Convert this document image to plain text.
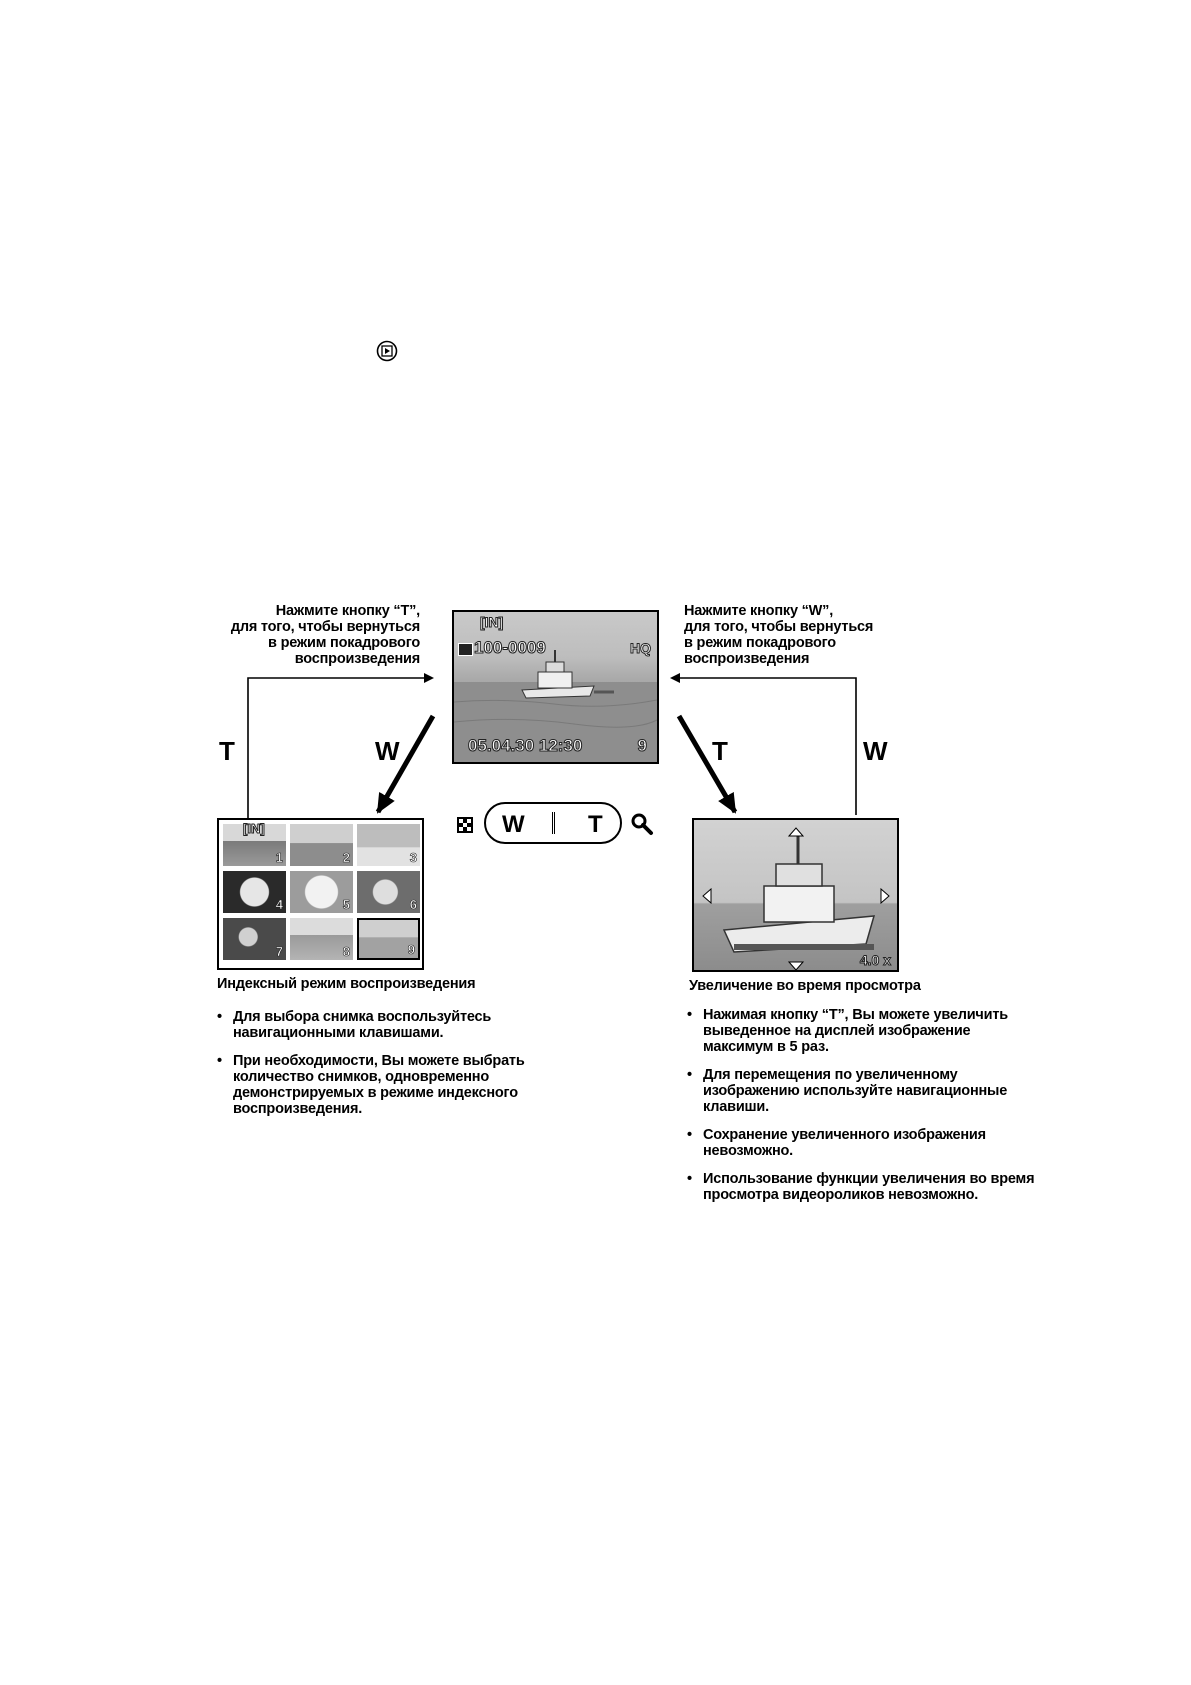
Нажмите кнопку “T”,
для того, чтобы вернуться
в режим покадрового
воспроизведения
Нажмите кнопку “W”,
для того, чтобы вернуться
в режим покадрового
воспроизведения
T	W	T	W
[IN]
100-0009	HQ
05.04.30 12:30	9
W	T
[IN]
1	2	3
4	5	6
7	8	9
4.0 x
Индексный режим воспроизведения
• Для выбора снимка воспользуйтесь навигационными клавишами.
• При необходимости, Вы можете выбрать количество снимков, одновременно демонстрируемых в режиме индексного воспроизведения.
Увеличение во время просмотра
• Нажимая кнопку “T”, Вы можете увеличить выведенное на дисплей изображение максимум в 5 раз.
• Для перемещения по увеличенному изображению используйте навигационные клавиши.
• Сохранение увеличенного изображения невозможно.
• Использование функции увеличения во время просмотра видеороликов невозможно.
